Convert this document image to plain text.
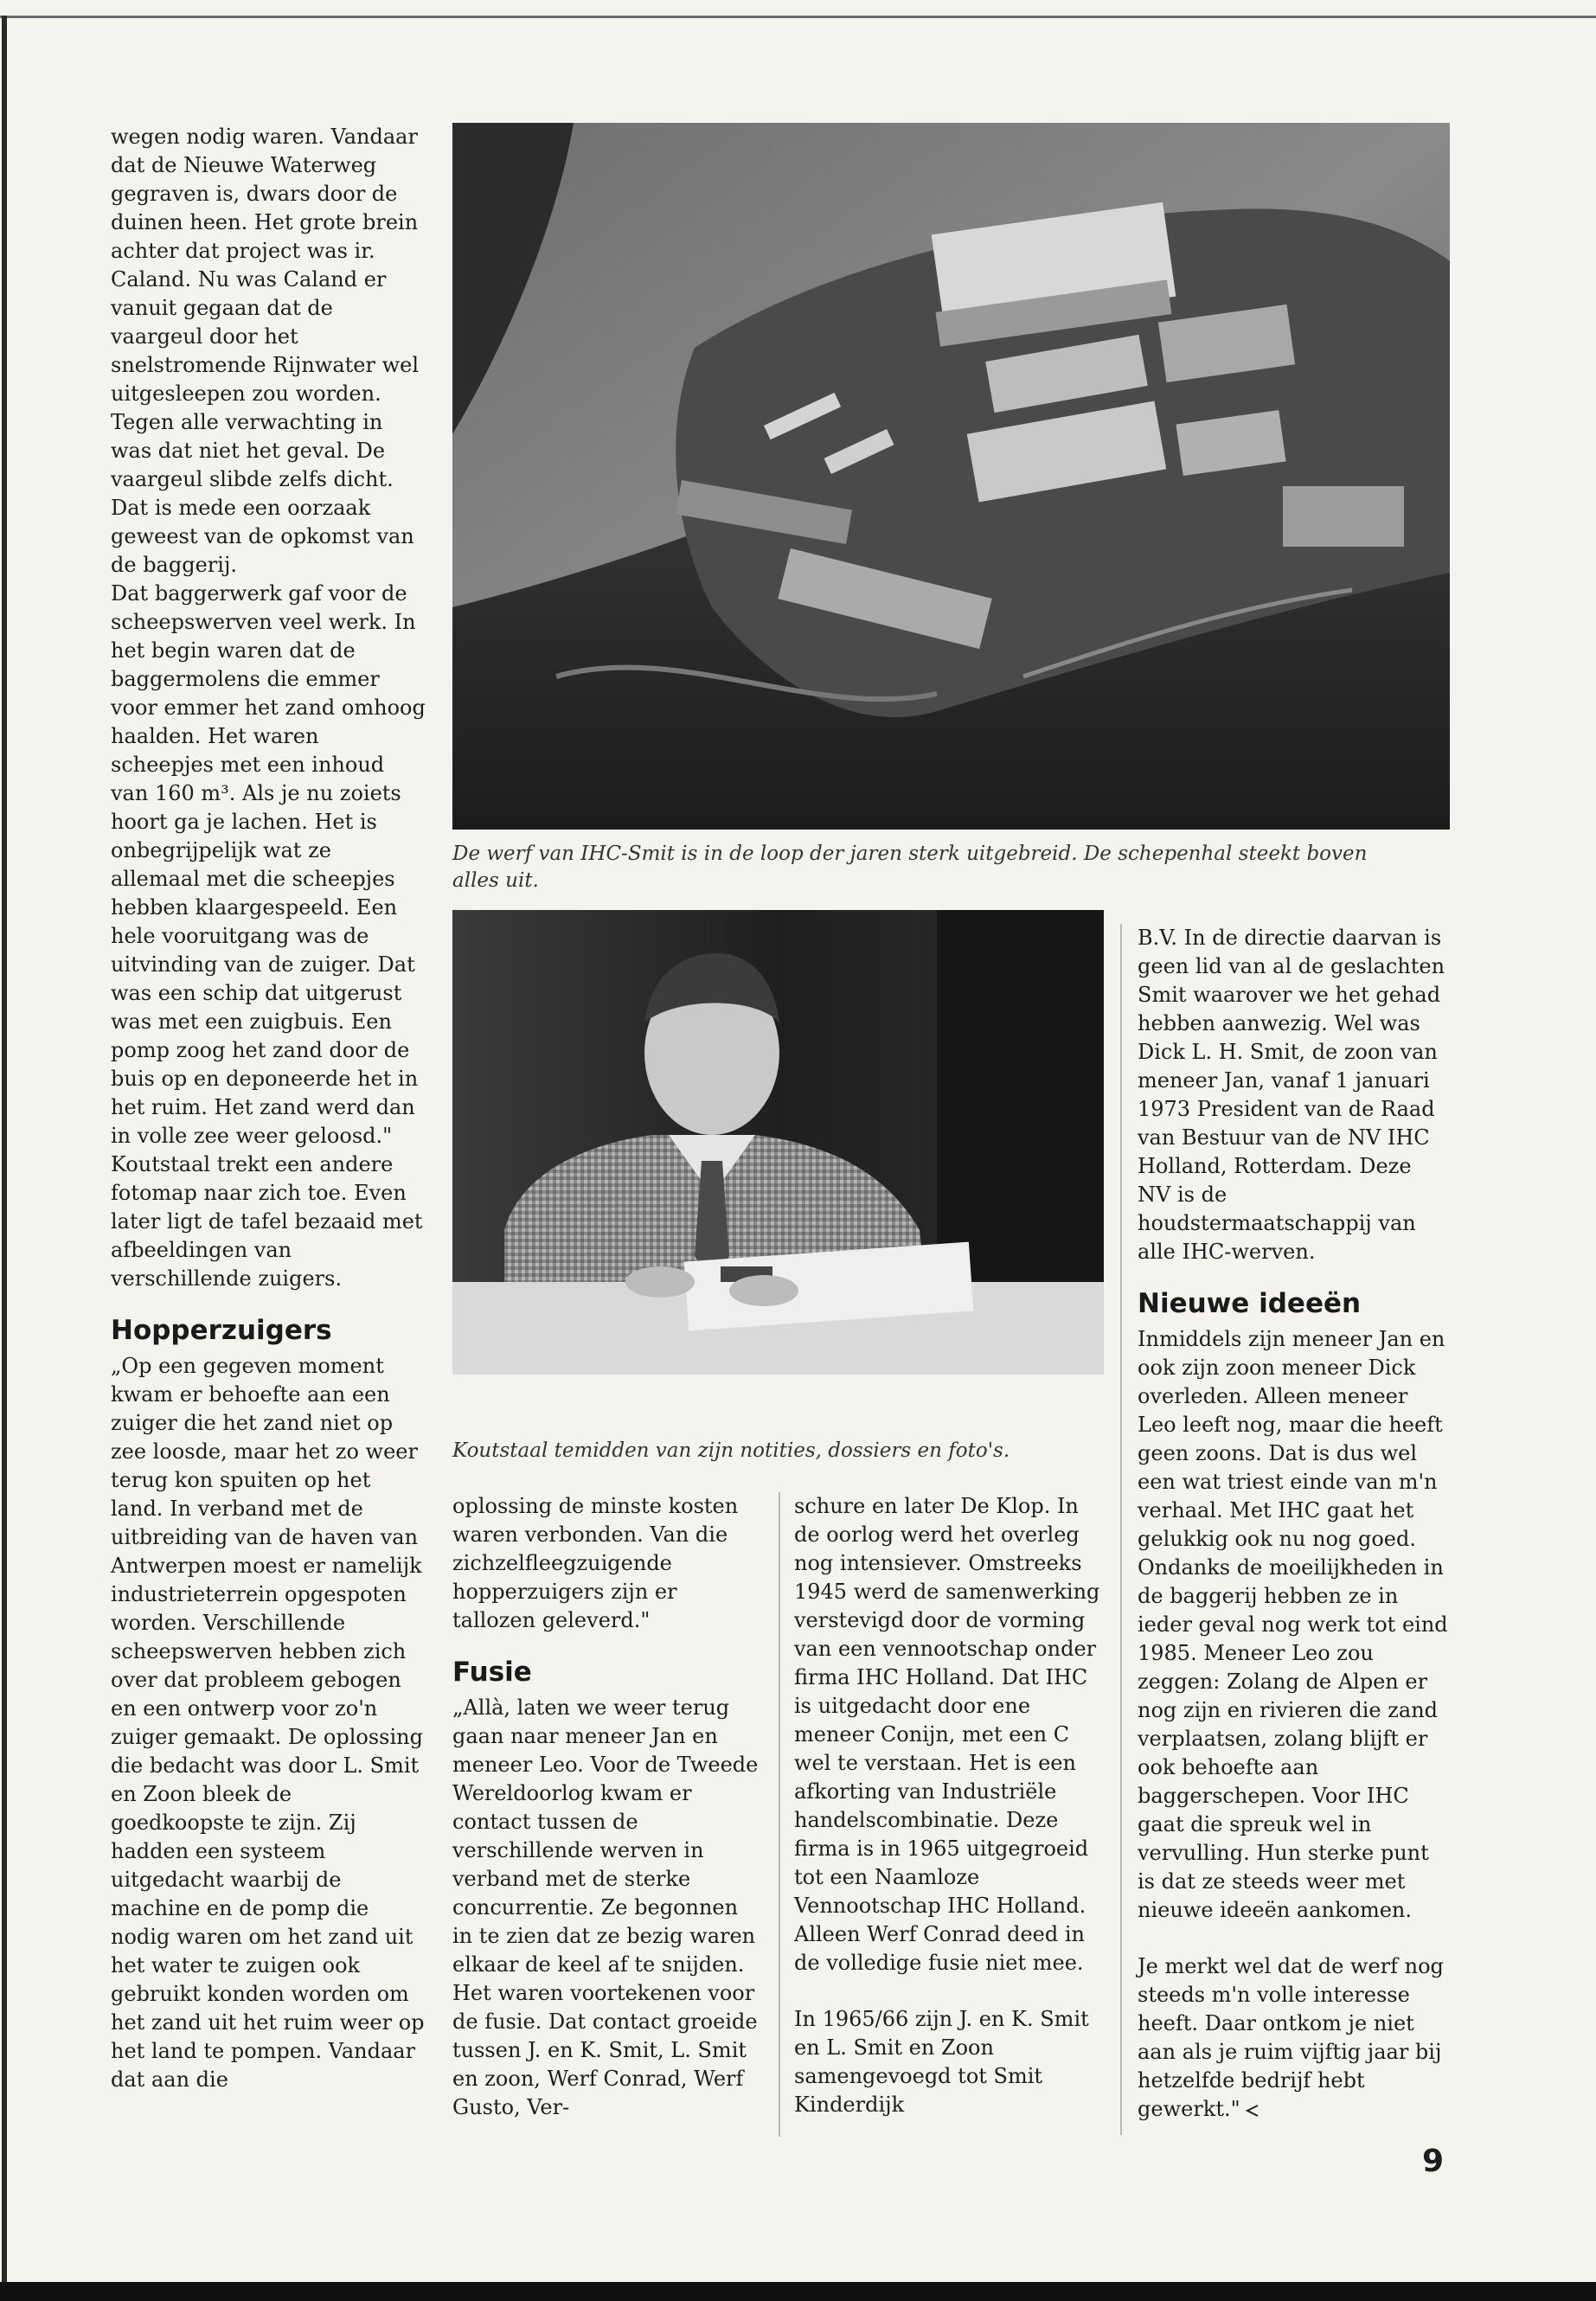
wegen nodig waren. Vandaar dat de Nieuwe Waterweg gegraven is, dwars door de duinen heen. Het grote brein achter dat project was ir. Caland. Nu was Caland er vanuit gegaan dat de vaargeul door het snelstromende Rijnwater wel uitgesleepen zou worden. Tegen alle verwachting in was dat niet het geval. De vaargeul slibde zelfs dicht. Dat is mede een oorzaak geweest van de opkomst van de baggerij.

Dat baggerwerk gaf voor de scheepswerven veel werk. In het begin waren dat de baggermolens die emmer voor emmer het zand omhoog haalden. Het waren scheepjes met een inhoud van 160 m³. Als je nu zoiets hoort ga je lachen. Het is onbegrijpelijk wat ze allemaal met die scheepjes hebben klaargespeeld. Een hele vooruitgang was de uitvinding van de zuiger. Dat was een schip dat uitgerust was met een zuigbuis. Een pomp zoog het zand door de buis op en deponeerde het in het ruim. Het zand werd dan in volle zee weer geloosd."

Koutstaal trekt een andere fotomap naar zich toe. Even later ligt de tafel bezaaid met afbeeldingen van verschillende zuigers.

Hopperzuigers

„Op een gegeven moment kwam er behoefte aan een zuiger die het zand niet op zee loosde, maar het zo weer terug kon spuiten op het land. In verband met de uitbreiding van de haven van Antwerpen moest er namelijk industrieterrein opgespoten worden. Verschillende scheepswerven hebben zich over dat probleem gebogen en een ontwerp voor zo'n zuiger gemaakt. De oplossing die bedacht was door L. Smit en Zoon bleek de goedkoopste te zijn. Zij hadden een systeem uitgedacht waarbij de machine en de pomp die nodig waren om het zand uit het water te zuigen ook gebruikt konden worden om het zand uit het ruim weer op het land te pompen. Vandaar dat aan die

De werf van IHC-Smit is in de loop der jaren sterk uitgebreid. De schepenhal steekt boven alles uit.
Koutstaal temidden van zijn notities, dossiers en foto's.

oplossing de minste kosten waren verbonden. Van die zichzelfleegzuigende hopperzuigers zijn er tallozen geleverd."

Fusie

„Allà, laten we weer terug gaan naar meneer Jan en meneer Leo. Voor de Tweede Wereldoorlog kwam er contact tussen de verschillende werven in verband met de sterke concurrentie. Ze begonnen in te zien dat ze bezig waren elkaar de keel af te snijden. Het waren voortekenen voor de fusie. Dat contact groeide tussen J. en K. Smit, L. Smit en zoon, Werf Conrad, Werf Gusto, Ver-

schure en later De Klop. In de oorlog werd het overleg nog intensiever. Omstreeks 1945 werd de samenwerking verstevigd door de vorming van een vennootschap onder firma IHC Holland. Dat IHC is uitgedacht door ene meneer Conijn, met een C wel te verstaan. Het is een afkorting van Industriële handelscombinatie. Deze firma is in 1965 uitgegroeid tot een Naamloze Vennootschap IHC Holland. Alleen Werf Conrad deed in de volledige fusie niet mee.

In 1965/66 zijn J. en K. Smit en L. Smit en Zoon samengevoegd tot Smit Kinderdijk

B.V. In de directie daarvan is geen lid van al de geslachten Smit waarover we het gehad hebben aanwezig. Wel was Dick L. H. Smit, de zoon van meneer Jan, vanaf 1 januari 1973 President van de Raad van Bestuur van de NV IHC Holland, Rotterdam. Deze NV is de houdstermaatschappij van alle IHC-werven.

Nieuwe ideeën

Inmiddels zijn meneer Jan en ook zijn zoon meneer Dick overleden. Alleen meneer Leo leeft nog, maar die heeft geen zoons. Dat is dus wel een wat triest einde van m'n verhaal. Met IHC gaat het gelukkig ook nu nog goed. Ondanks de moeilijkheden in de baggerij hebben ze in ieder geval nog werk tot eind 1985. Meneer Leo zou zeggen: Zolang de Alpen er nog zijn en rivieren die zand verplaatsen, zolang blijft er ook behoefte aan baggerschepen. Voor IHC gaat die spreuk wel in vervulling. Hun sterke punt is dat ze steeds weer met nieuwe ideeën aankomen.

Je merkt wel dat de werf nog steeds m'n volle interesse heeft. Daar ontkom je niet aan als je ruim vijftig jaar bij hetzelfde bedrijf hebt gewerkt."

9
